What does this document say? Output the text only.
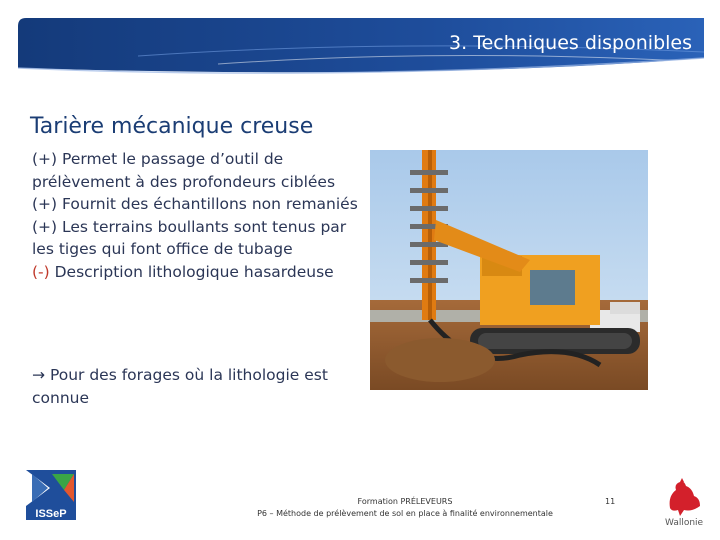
3. Techniques disponibles
Tarière mécanique creuse

(+) Permet le passage d’outil de prélèvement à des profondeurs ciblées

(+) Fournit des échantillons non remaniés

(+) Les terrains boullants sont tenus par les tiges qui font office de tubage

(-) Description lithologique hasardeuse

→ Pour des forages où la lithologie est connue
Formation PRÉLEVEURS
P6 – Méthode de prélèvement de sol en place à finalité environnementale
11
ISSeP
Wallonie
